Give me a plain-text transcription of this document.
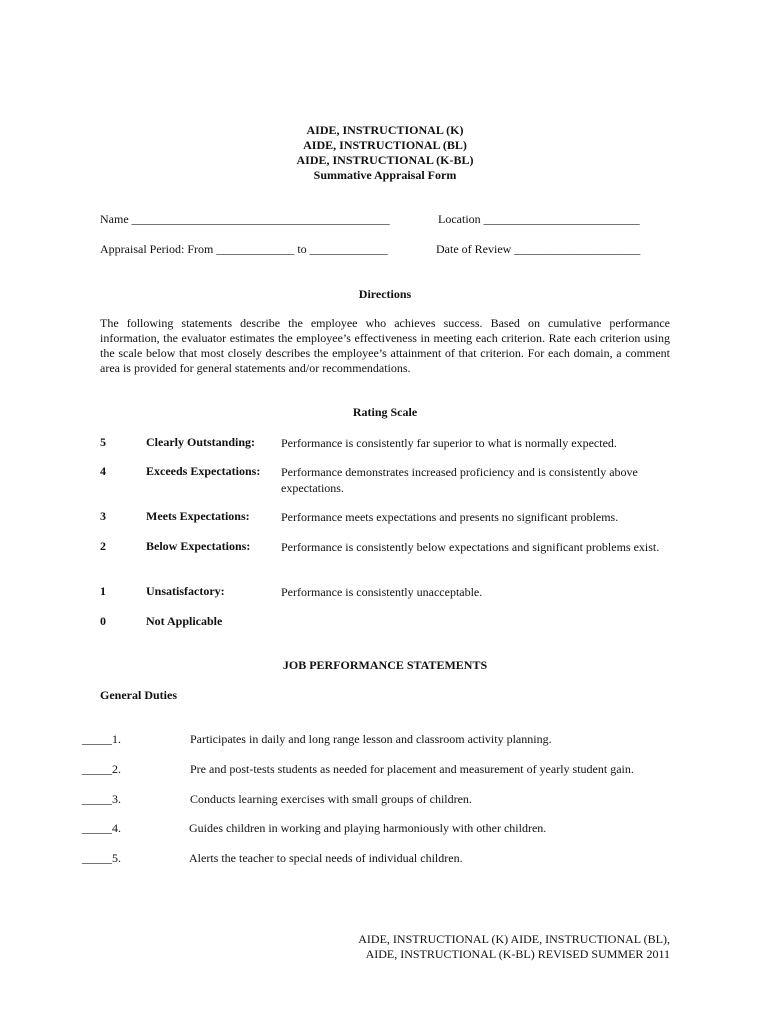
AIDE, INSTRUCTIONAL (K)
AIDE, INSTRUCTIONAL (BL)
AIDE, INSTRUCTIONAL (K-BL)
Summative Appraisal Form
Name ___________________________________________	Location __________________________
Appraisal Period: From _____________ to _____________	Date of Review _____________________
Directions
The following statements describe the employee who achieves success. Based on cumulative performance information, the evaluator estimates the employee’s effectiveness in meeting each criterion. Rate each criterion using the scale below that most closely describes the employee’s attainment of that criterion. For each domain, a comment area is provided for general statements and/or recommendations.
Rating Scale
5	Clearly Outstanding: Performance is consistently far superior to what is normally expected.
4	Exceeds Expectations: Performance demonstrates increased proficiency and is consistently above expectations.
3	Meets Expectations:	Performance meets expectations and presents no significant problems.
2	Below Expectations:	Performance is consistently below expectations and significant problems exist.
1	Unsatisfactory:	Performance is consistently unacceptable.
0	Not Applicable
JOB PERFORMANCE STATEMENTS
General Duties
_____1.	Participates in daily and long range lesson and classroom activity planning.
_____2.	Pre and post-tests students as needed for placement and measurement of yearly student gain.
_____3.	Conducts learning exercises with small groups of children.
_____4.	Guides children in working and playing harmoniously with other children.
_____5.	Alerts the teacher to special needs of individual children.
AIDE, INSTRUCTIONAL (K) AIDE, INSTRUCTIONAL (BL),
AIDE, INSTRUCTIONAL (K-BL) REVISED SUMMER 2011
